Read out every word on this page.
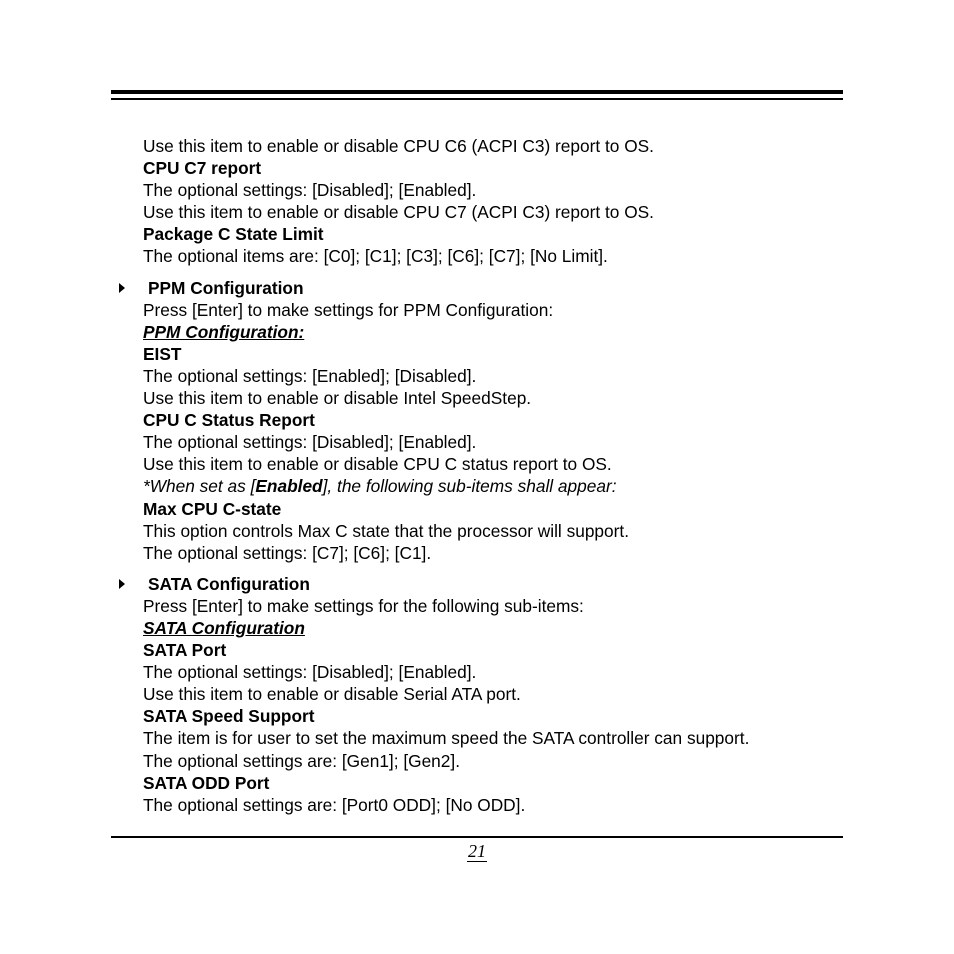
Use this item to enable or disable CPU C6 (ACPI C3) report to OS.
CPU C7 report
The optional settings: [Disabled]; [Enabled].
Use this item to enable or disable CPU C7 (ACPI C3) report to OS.
Package C State Limit
The optional items are: [C0]; [C1]; [C3]; [C6]; [C7]; [No Limit].
PPM Configuration
Press [Enter] to make settings for PPM Configuration:
PPM Configuration:
EIST
The optional settings: [Enabled]; [Disabled].
Use this item to enable or disable Intel SpeedStep.
CPU C Status Report
The optional settings: [Disabled]; [Enabled].
Use this item to enable or disable CPU C status report to OS.
*When set as [Enabled], the following sub-items shall appear:
Max CPU C-state
This option controls Max C state that the processor will support.
The optional settings: [C7]; [C6]; [C1].
SATA Configuration
Press [Enter] to make settings for the following sub-items:
SATA Configuration
SATA Port
The optional settings: [Disabled]; [Enabled].
Use this item to enable or disable Serial ATA port.
SATA Speed Support
The item is for user to set the maximum speed the SATA controller can support.
The optional settings are: [Gen1]; [Gen2].
SATA ODD Port
The optional settings are: [Port0 ODD]; [No ODD].
21
